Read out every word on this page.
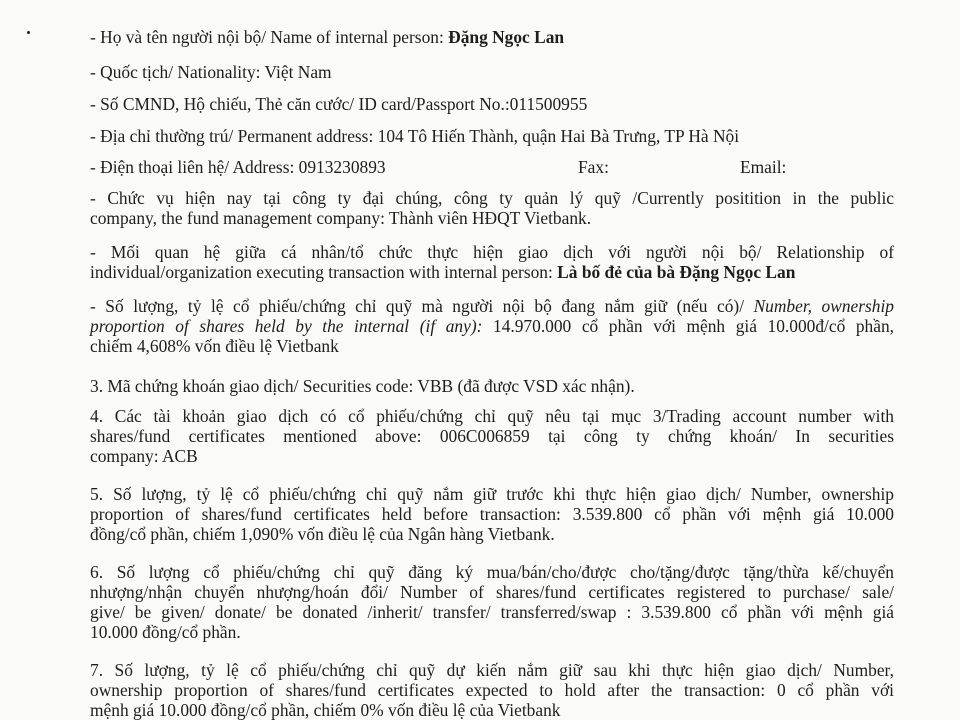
- Họ và tên người nội bộ/ Name of internal person: Đặng Ngọc Lan
- Quốc tịch/ Nationality: Việt Nam
- Số CMND, Hộ chiếu, Thẻ căn cước/ ID card/Passport No.:011500955
- Địa chỉ thường trú/ Permanent address: 104 Tô Hiến Thành, quận Hai Bà Trưng, TP Hà Nội
- Điện thoại liên hệ/ Address: 0913230893	Fax:	Email:
- Chức vụ hiện nay tại công ty đại chúng, công ty quản lý quỹ /Currently positition in the public
company, the fund management company: Thành viên HĐQT Vietbank.
- Mối quan hệ giữa cá nhân/tổ chức thực hiện giao dịch với người nội bộ/ Relationship of
individual/organization executing transaction with internal person: Là bố đẻ của bà Đặng Ngọc Lan
- Số lượng, tỷ lệ cổ phiếu/chứng chỉ quỹ mà người nội bộ đang nắm giữ (nếu có)/ Number, ownership
proportion of shares held by the internal (if any): 14.970.000 cổ phần với mệnh giá 10.000đ/cổ phần,
chiếm 4,608% vốn điều lệ Vietbank
3. Mã chứng khoán giao dịch/ Securities code: VBB (đã được VSD xác nhận).
4. Các tài khoản giao dịch có cổ phiếu/chứng chỉ quỹ nêu tại mục 3/Trading account number with
shares/fund certificates mentioned above: 006C006859 tại công ty chứng khoán/ In securities
company: ACB
5. Số lượng, tỷ lệ cổ phiếu/chứng chỉ quỹ nắm giữ trước khi thực hiện giao dịch/ Number, ownership
proportion of shares/fund certificates held before transaction: 3.539.800 cổ phần với mệnh giá 10.000
đồng/cổ phần, chiếm 1,090% vốn điều lệ của Ngân hàng Vietbank.
6. Số lượng cổ phiếu/chứng chỉ quỹ đăng ký mua/bán/cho/được cho/tặng/được tặng/thừa kế/chuyển
nhượng/nhận chuyển nhượng/hoán đổi/ Number of shares/fund certificates registered to purchase/ sale/
give/ be given/ donate/ be donated /inherit/ transfer/ transferred/swap : 3.539.800 cổ phần với mệnh giá
10.000 đồng/cổ phần.
7. Số lượng, tỷ lệ cổ phiếu/chứng chỉ quỹ dự kiến nắm giữ sau khi thực hiện giao dịch/ Number,
ownership proportion of shares/fund certificates expected to hold after the transaction: 0 cổ phần với
mệnh giá 10.000 đồng/cổ phần, chiếm 0% vốn điều lệ của Vietbank
